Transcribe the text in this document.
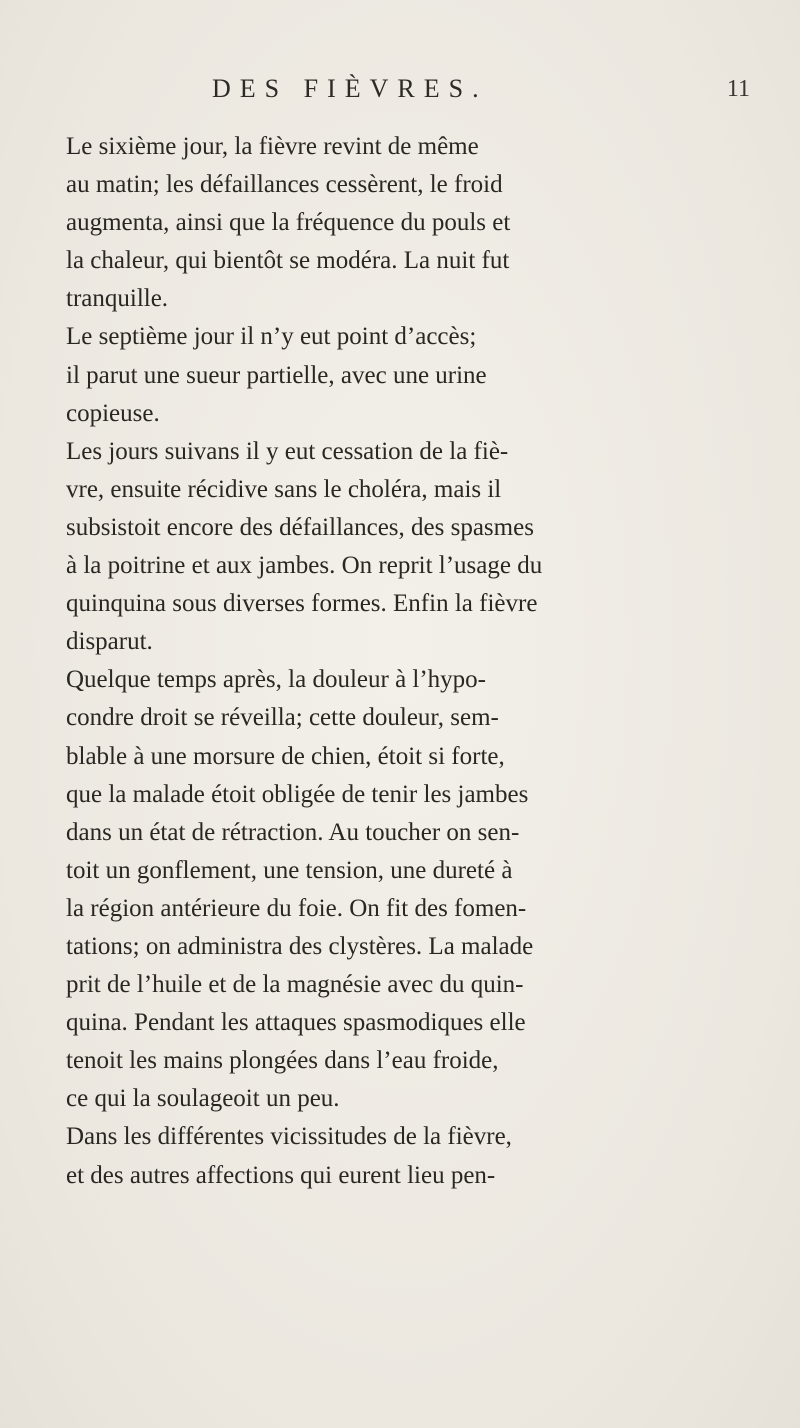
DES FIÈVRES.	11
Le sixième jour, la fièvre revint de même
au matin; les défaillances cessèrent, le froid
augmenta, ainsi que la fréquence du pouls et
la chaleur, qui bientôt se modéra. La nuit fut
tranquille.
Le septième jour il n’y eut point d’accès;
il parut une sueur partielle, avec une urine
copieuse.
Les jours suivans il y eut cessation de la fiè-
vre, ensuite récidive sans le choléra, mais il
subsistoit encore des défaillances, des spasmes
à la poitrine et aux jambes. On reprit l’usage du
quinquina sous diverses formes. Enfin la fièvre
disparut.
Quelque temps après, la douleur à l’hypo-
condre droit se réveilla; cette douleur, sem-
blable à une morsure de chien, étoit si forte,
que la malade étoit obligée de tenir les jambes
dans un état de rétraction. Au toucher on sen-
toit un gonflement, une tension, une dureté à
la région antérieure du foie. On fit des fomen-
tations; on administra des clystères. La malade
prit de l’huile et de la magnésie avec du quin-
quina. Pendant les attaques spasmodiques elle
tenoit les mains plongées dans l’eau froide,
ce qui la soulageoit un peu.
Dans les différentes vicissitudes de la fièvre,
et des autres affections qui eurent lieu pen-
